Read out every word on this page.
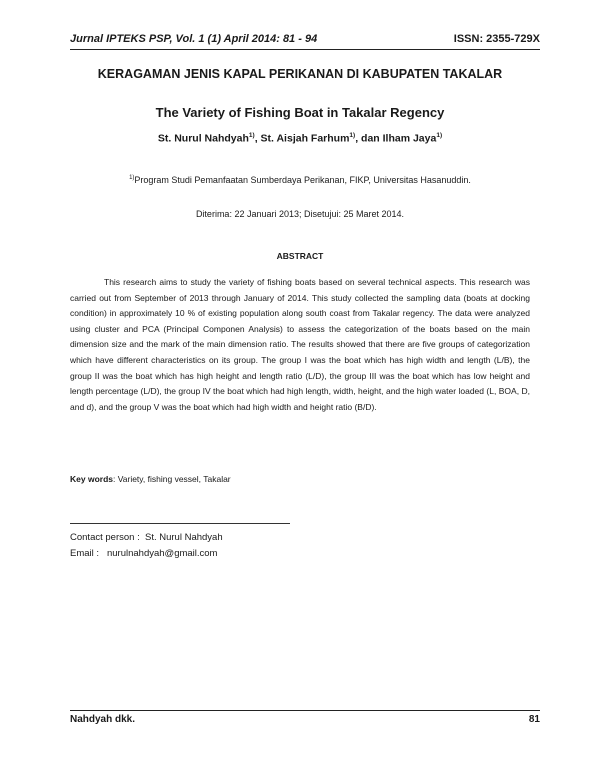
Jurnal IPTEKS PSP, Vol. 1 (1) April 2014: 81 - 94	ISSN: 2355-729X
KERAGAMAN JENIS KAPAL PERIKANAN DI KABUPATEN TAKALAR
The Variety of Fishing Boat in Takalar Regency
St. Nurul Nahdyah$^{1)}$, St. Aisjah Farhum$^{1)}$, dan Ilham Jaya$^{1)}$
$^{1)}$Program Studi Pemanfaatan Sumberdaya Perikanan, FIKP, Universitas Hasanuddin.
Diterima: 22 Januari 2013; Disetujui: 25 Maret 2014.
ABSTRACT

This research aims to study the variety of fishing boats based on several technical aspects. This research was carried out from September of 2013 through January of 2014. This study collected the sampling data (boats at docking condition) in approximately 10 % of existing population along south coast from Takalar regency. The data were analyzed using cluster and PCA (Principal Componen Analysis) to assess the categorization of the boats based on the main dimension size and the mark of the main dimension ratio. The results showed that there are five groups of categorization which have different characteristics on its group. The group I was the boat which has high width and length (L/B), the group II was the boat which has high height and length ratio (L/D), the group III was the boat which has low height and length percentage (L/D), the group IV the boat which had high length, width, height, and the high water loaded (L, BOA, D, and d), and the group V was the boat which had high width and height ratio (B/D).

Key words: Variety, fishing vessel, Takalar
Contact person : St. Nurul Nahdyah
Email : nurulnahdyah@gmail.com
Nahdyah dkk.	81
